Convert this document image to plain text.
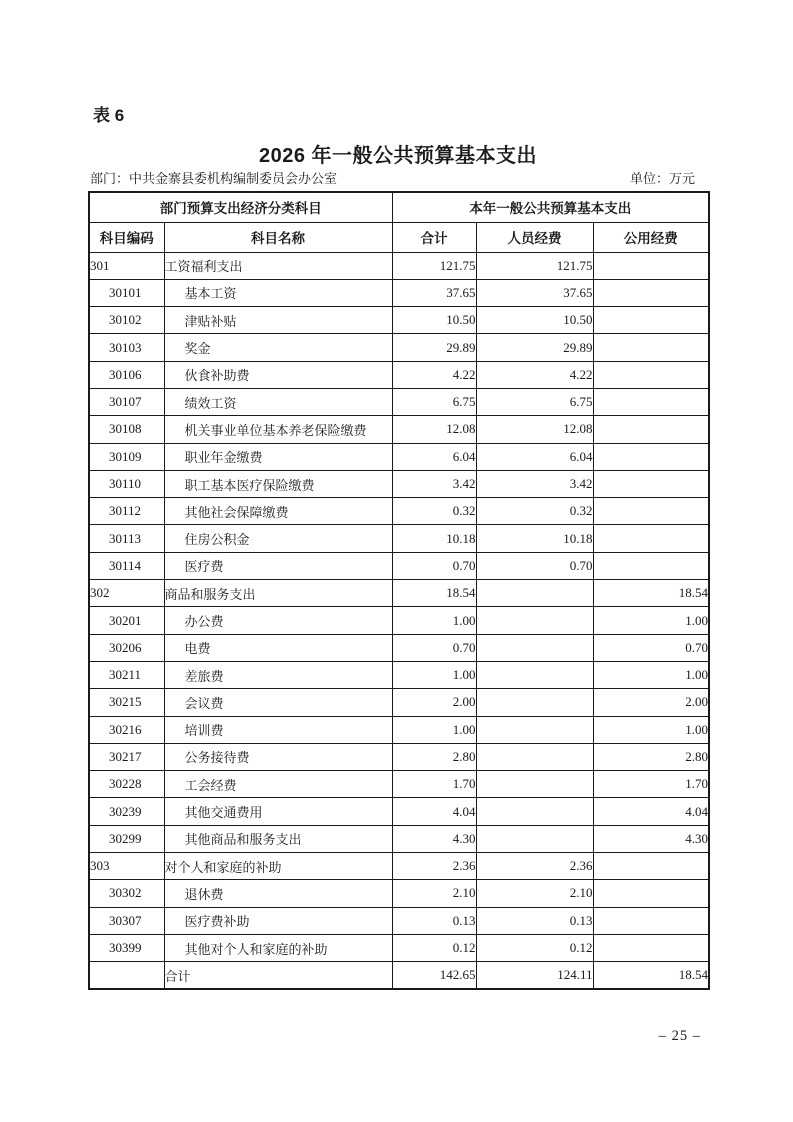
表 6
2026 年一般公共预算基本支出
部门：中共金寨县委机构编制委员会办公室	单位：万元
部门预算支出经济分类科目		本年一般公共预算基本支出		
科目编码	科目名称	合计	人员经费	公用经费
301	工资福利支出	121.75	121.75	
30101	基本工资	37.65	37.65	
30102	津贴补贴	10.50	10.50	
30103	奖金	29.89	29.89	
30106	伙食补助费	4.22	4.22	
30107	绩效工资	6.75	6.75	
30108	机关事业单位基本养老保险缴费	12.08	12.08	
30109	职业年金缴费	6.04	6.04	
30110	职工基本医疗保险缴费	3.42	3.42	
30112	其他社会保障缴费	0.32	0.32	
30113	住房公积金	10.18	10.18	
30114	医疗费	0.70	0.70	
302	商品和服务支出	18.54		18.54
30201	办公费	1.00		1.00
30206	电费	0.70		0.70
30211	差旅费	1.00		1.00
30215	会议费	2.00		2.00
30216	培训费	1.00		1.00
30217	公务接待费	2.80		2.80
30228	工会经费	1.70		1.70
30239	其他交通费用	4.04		4.04
30299	其他商品和服务支出	4.30		4.30
303	对个人和家庭的补助	2.36	2.36	
30302	退休费	2.10	2.10	
30307	医疗费补助	0.13	0.13	
30399	其他对个人和家庭的补助	0.12	0.12	
	合计	142.65	124.11	18.54
– 25 –
